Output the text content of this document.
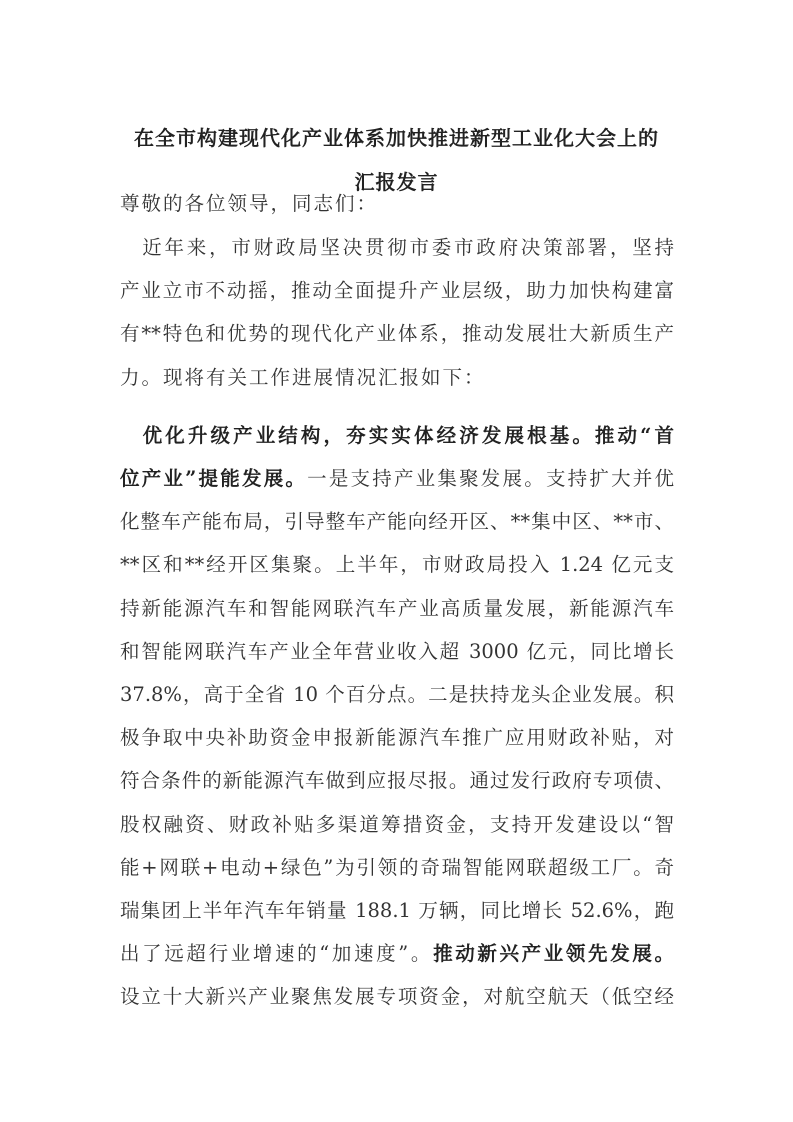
在全市构建现代化产业体系加快推进新型工业化大会上的
汇报发言
尊敬的各位领导，同志们：
　近年来，市财政局坚决贯彻市委市政府决策部署，坚持
产业立市不动摇，推动全面提升产业层级，助力加快构建富
有**特色和优势的现代化产业体系，推动发展壮大新质生产
力。现将有关工作进展情况汇报如下：
　优化升级产业结构，夯实实体经济发展根基。推动“首
位产业”提能发展。一是支持产业集聚发展。支持扩大并优
化整车产能布局，引导整车产能向经开区、**集中区、**市、
**区和**经开区集聚。上半年，市财政局投入 1.24 亿元支
持新能源汽车和智能网联汽车产业高质量发展，新能源汽车
和智能网联汽车产业全年营业收入超 3000 亿元，同比增长
37.8%，高于全省 10 个百分点。二是扶持龙头企业发展。积
极争取中央补助资金申报新能源汽车推广应用财政补贴，对
符合条件的新能源汽车做到应报尽报。通过发行政府专项债、
股权融资、财政补贴多渠道筹措资金，支持开发建设以“智
能+网联+电动+绿色”为引领的奇瑞智能网联超级工厂。奇
瑞集团上半年汽车年销量 188.1 万辆，同比增长 52.6%，跑
出了远超行业增速的“加速度”。推动新兴产业领先发展。
设立十大新兴产业聚焦发展专项资金，对航空航天（低空经
